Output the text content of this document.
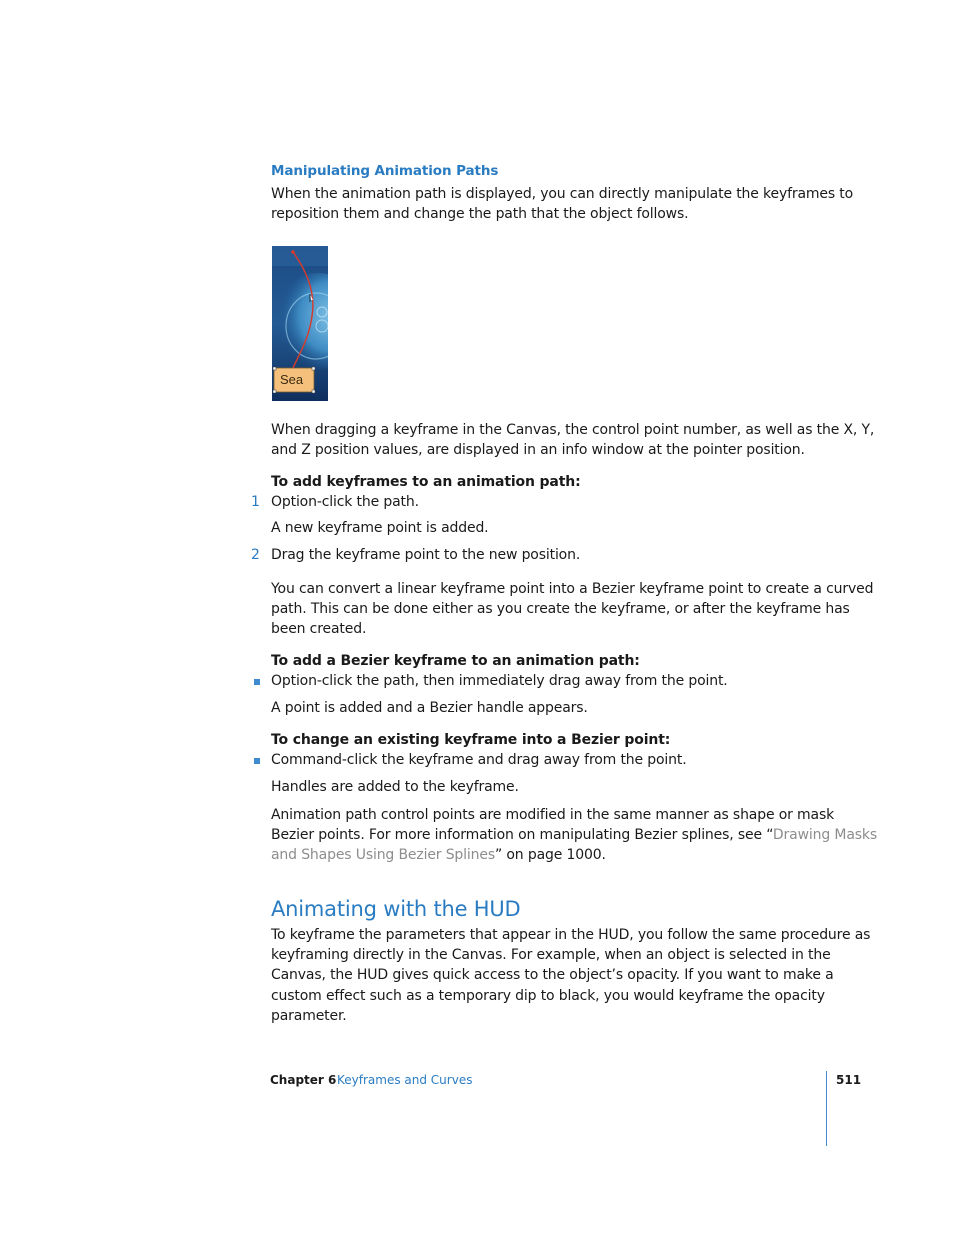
Manipulating Animation Paths
When the animation path is displayed, you can directly manipulate the keyframes to
reposition them and change the path that the object follows.
Sea
When dragging a keyframe in the Canvas, the control point number, as well as the X, Y,
and Z position values, are displayed in an info window at the pointer position.
To add keyframes to an animation path:
1 Option-click the path.
A new keyframe point is added.
2 Drag the keyframe point to the new position.
You can convert a linear keyframe point into a Bezier keyframe point to create a curved
path. This can be done either as you create the keyframe, or after the keyframe has
been created.
To add a Bezier keyframe to an animation path:
Option-click the path, then immediately drag away from the point.
A point is added and a Bezier handle appears.
To change an existing keyframe into a Bezier point:
Command-click the keyframe and drag away from the point.
Handles are added to the keyframe.
Animation path control points are modified in the same manner as shape or mask
Bezier points. For more information on manipulating Bezier splines, see “Drawing Masks
and Shapes Using Bezier Splines” on page 1000.
Animating with the HUD
To keyframe the parameters that appear in the HUD, you follow the same procedure as
keyframing directly in the Canvas. For example, when an object is selected in the
Canvas, the HUD gives quick access to the object’s opacity. If you want to make a
custom effect such as a temporary dip to black, you would keyframe the opacity
parameter.
Chapter 6 Keyframes and Curves	511
